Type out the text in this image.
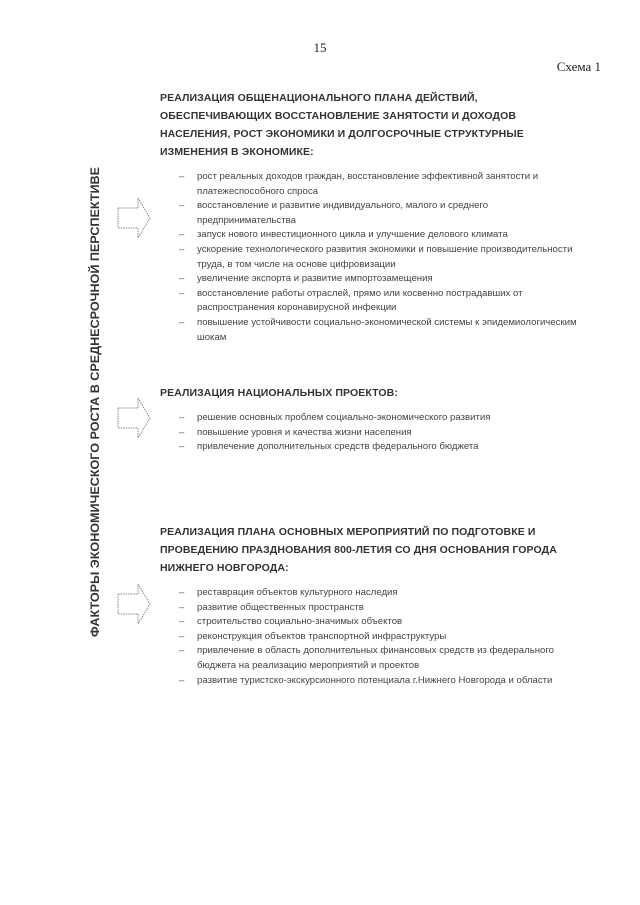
15
Схема 1
ФАКТОРЫ ЭКОНОМИЧЕСКОГО РОСТА В СРЕДНЕСРОЧНОЙ ПЕРСПЕКТИВЕ
РЕАЛИЗАЦИЯ ОБЩЕНАЦИОНАЛЬНОГО ПЛАНА ДЕЙСТВИЙ, ОБЕСПЕЧИВАЮЩИХ ВОССТАНОВЛЕНИЕ ЗАНЯТОСТИ И ДОХОДОВ НАСЕЛЕНИЯ, РОСТ ЭКОНОМИКИ И ДОЛГОСРОЧНЫЕ СТРУКТУРНЫЕ ИЗМЕНЕНИЯ В ЭКОНОМИКЕ:
– рост реальных доходов граждан, восстановление эффективной занятости и платежеспособного спроса
– восстановление и развитие индивидуального, малого и среднего предпринимательства
– запуск нового инвестиционного цикла и улучшение делового климата
– ускорение технологического развития экономики и повышение производительности труда, в том числе на основе цифровизации
– увеличение экспорта и развитие импортозамещения
– восстановление работы отраслей, прямо или косвенно пострадавших от распространения коронавирусной инфекции
– повышение устойчивости социально-экономической системы к эпидемиологическим шокам
РЕАЛИЗАЦИЯ НАЦИОНАЛЬНЫХ ПРОЕКТОВ:
– решение основных проблем социально-экономического развития
– повышение уровня и качества жизни населения
– привлечение дополнительных средств федерального бюджета
РЕАЛИЗАЦИЯ ПЛАНА ОСНОВНЫХ МЕРОПРИЯТИЙ ПО ПОДГОТОВКЕ И ПРОВЕДЕНИЮ ПРАЗДНОВАНИЯ 800-ЛЕТИЯ СО ДНЯ ОСНОВАНИЯ ГОРОДА НИЖНЕГО НОВГОРОДА:
– реставрация объектов культурного наследия
– развитие общественных пространств
– строительство социально-значимых объектов
– реконструкция объектов транспортной инфраструктуры
– привлечение в область дополнительных финансовых средств из федерального бюджета на реализацию мероприятий и проектов
– развитие туристско-экскурсионного потенциала г.Нижнего Новгорода и области
